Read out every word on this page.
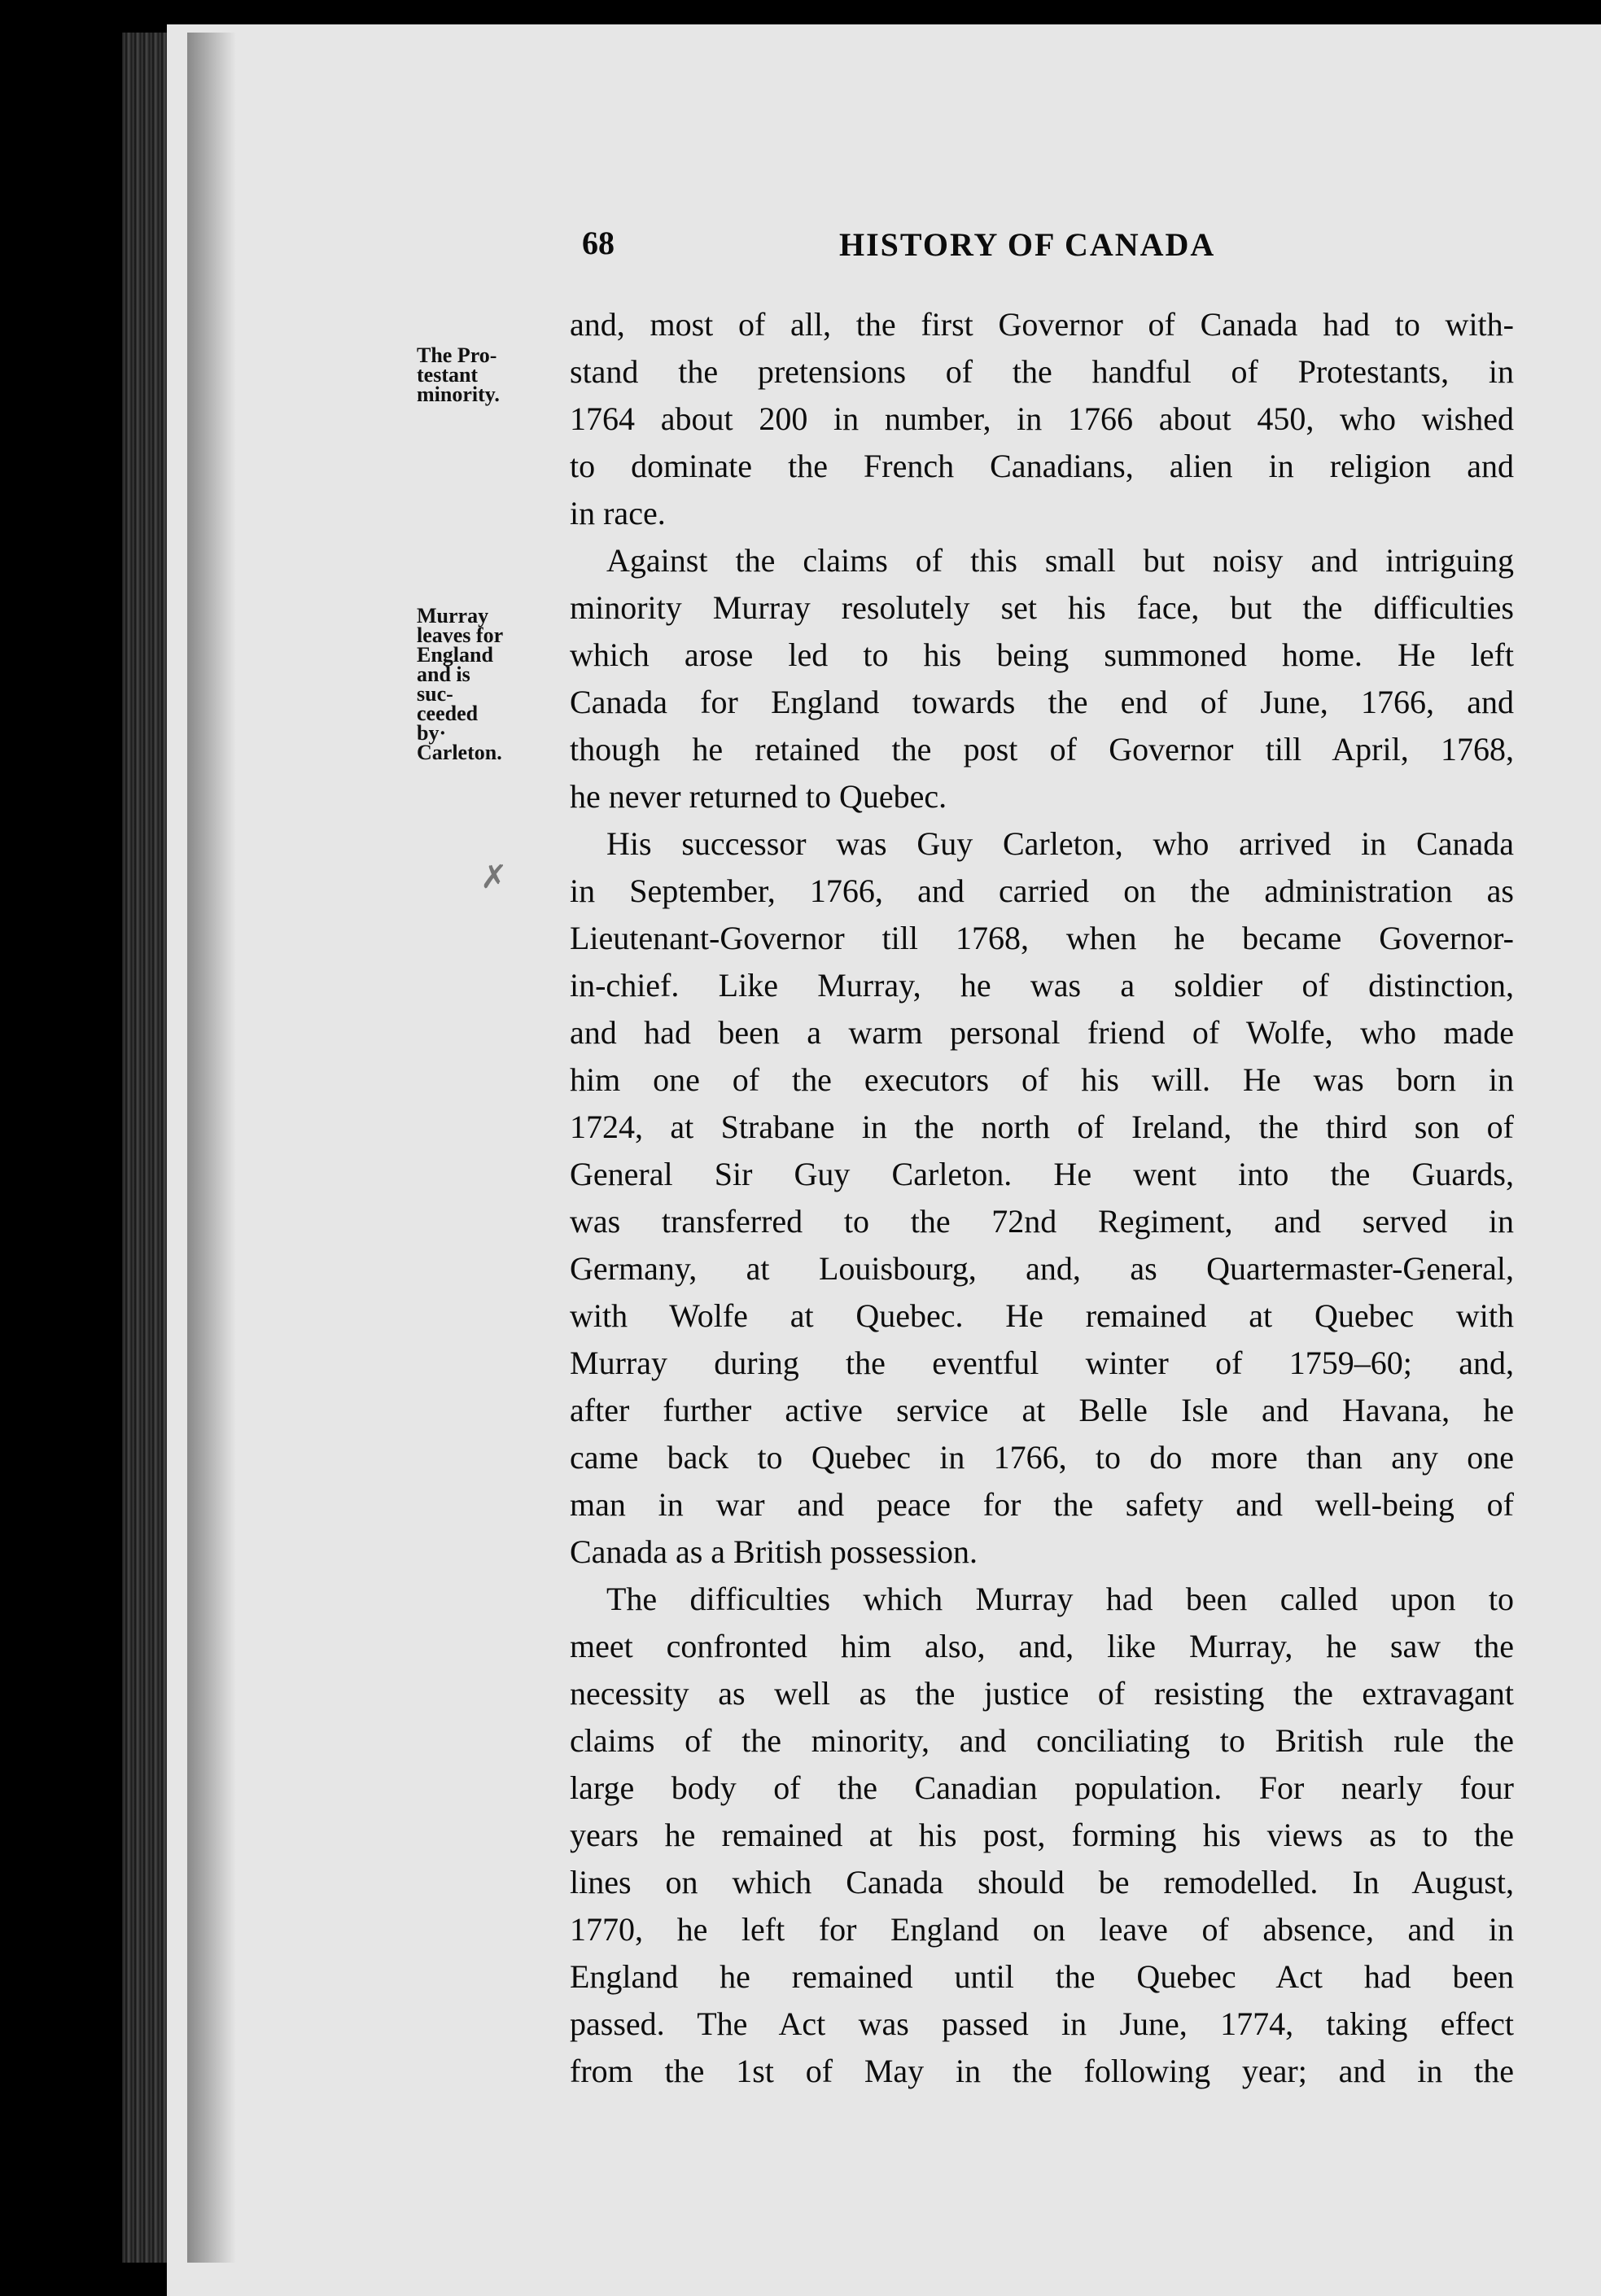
68	HISTORY OF CANADA
The Pro-
testant
minority.
Murray
leaves for
England
and is
suc-
ceeded
by·
Carleton.
✗

and, most of all, the first Governor of Canada had to with-
stand the pretensions of the handful of Protestants, in
1764 about 200 in number, in 1766 about 450, who wished
to dominate the French Canadians, alien in religion and
in race.

Against the claims of this small but noisy and intriguing
minority Murray resolutely set his face, but the difficulties
which arose led to his being summoned home. He left
Canada for England towards the end of June, 1766, and
though he retained the post of Governor till April, 1768,
he never returned to Quebec.

His successor was Guy Carleton, who arrived in Canada
in September, 1766, and carried on the administration as
Lieutenant-Governor till 1768, when he became Governor-
in-chief. Like Murray, he was a soldier of distinction,
and had been a warm personal friend of Wolfe, who made
him one of the executors of his will. He was born in
1724, at Strabane in the north of Ireland, the third son of
General Sir Guy Carleton. He went into the Guards,
was transferred to the 72nd Regiment, and served in
Germany, at Louisbourg, and, as Quartermaster-General,
with Wolfe at Quebec. He remained at Quebec with
Murray during the eventful winter of 1759–60; and,
after further active service at Belle Isle and Havana, he
came back to Quebec in 1766, to do more than any one
man in war and peace for the safety and well-being of
Canada as a British possession.

The difficulties which Murray had been called upon to
meet confronted him also, and, like Murray, he saw the
necessity as well as the justice of resisting the extravagant
claims of the minority, and conciliating to British rule the
large body of the Canadian population. For nearly four
years he remained at his post, forming his views as to the
lines on which Canada should be remodelled. In August,
1770, he left for England on leave of absence, and in
England he remained until the Quebec Act had been
passed. The Act was passed in June, 1774, taking effect
from the 1st of May in the following year; and in the
